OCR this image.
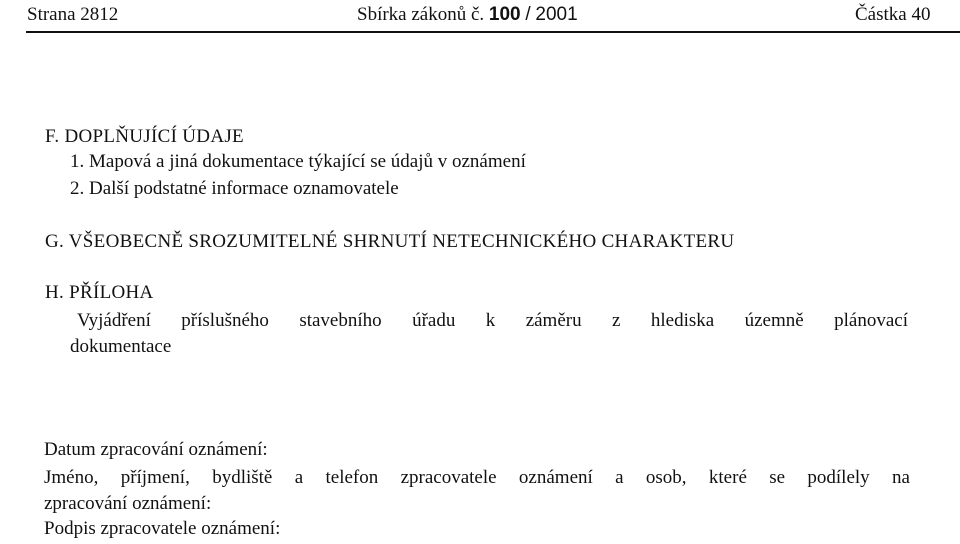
Strana 2812	Sbírka zákonů č. 100 / 2001	Částka 40
F. DOPLŇUJÍCÍ ÚDAJE
1. Mapová a jiná dokumentace týkající se údajů v oznámení
2. Další podstatné informace oznamovatele
G. VŠEOBECNĚ SROZUMITELNÉ SHRNUTÍ NETECHNICKÉHO CHARAKTERU
H. PŘÍLOHA
Vyjádření příslušného stavebního úřadu k záměru z hlediska územně plánovací
dokumentace
Datum zpracování oznámení:
Jméno, příjmení, bydliště a telefon zpracovatele oznámení a osob, které se podílely na
zpracování oznámení:
Podpis zpracovatele oznámení:
